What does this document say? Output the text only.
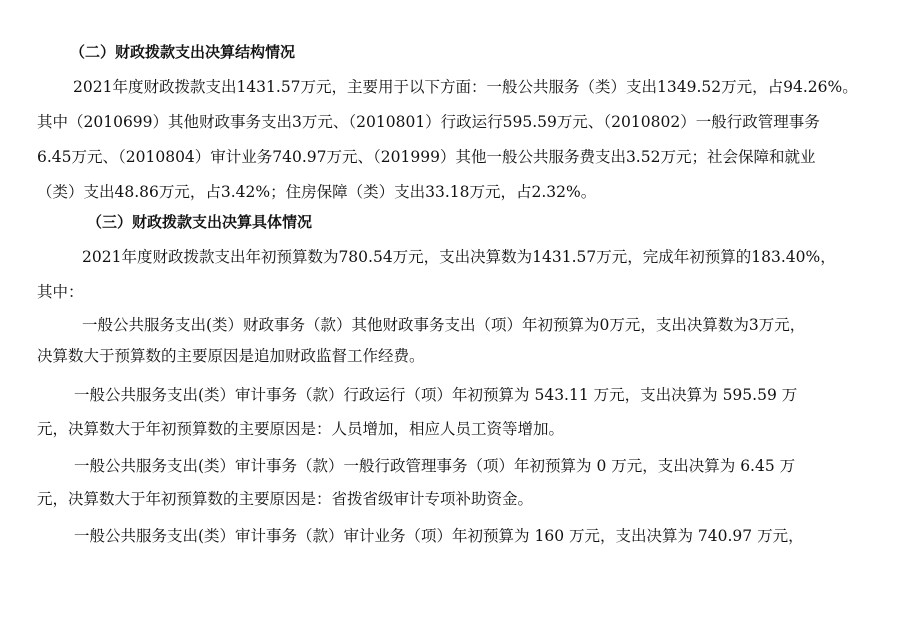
（二）财政拨款支出决算结构情况
2021年度财政拨款支出1431.57万元，主要用于以下方面：一般公共服务（类）支出1349.52万元，占94.26%。
其中（2010699）其他财政事务支出3万元、（2010801）行政运行595.59万元、（2010802）一般行政管理事务
6.45万元、（2010804）审计业务740.97万元、（201999）其他一般公共服务费支出3.52万元；社会保障和就业
（类）支出48.86万元，占3.42%；住房保障（类）支出33.18万元，占2.32%。
（三）财政拨款支出决算具体情况
2021年度财政拨款支出年初预算数为780.54万元，支出决算数为1431.57万元，完成年初预算的183.40%，
其中：
一般公共服务支出(类）财政事务（款）其他财政事务支出（项）年初预算为0万元，支出决算数为3万元，
决算数大于预算数的主要原因是追加财政监督工作经费。
一般公共服务支出(类）审计事务（款）行政运行（项）年初预算为 543.11 万元，支出决算为 595.59 万
元，决算数大于年初预算数的主要原因是：人员增加，相应人员工资等增加。
一般公共服务支出(类）审计事务（款）一般行政管理事务（项）年初预算为 0 万元，支出决算为 6.45 万
元，决算数大于年初预算数的主要原因是：省拨省级审计专项补助资金。
一般公共服务支出(类）审计事务（款）审计业务（项）年初预算为 160 万元，支出决算为 740.97 万元，
